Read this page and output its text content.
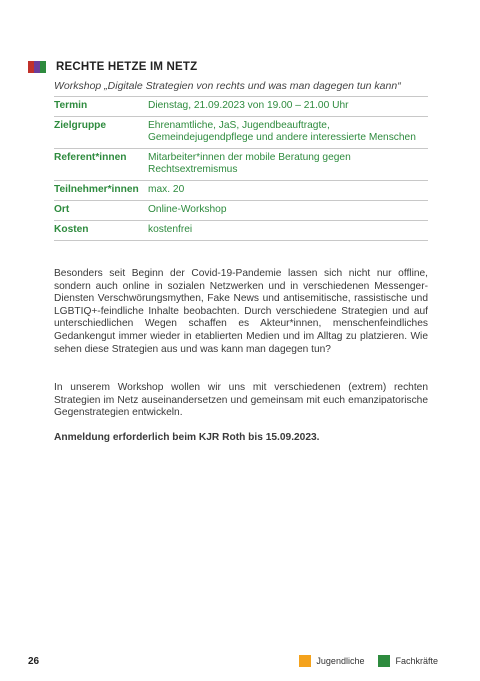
RECHTE HETZE IM NETZ
Workshop „Digitale Strategien von rechts und was man dagegen tun kann“
Termin	Dienstag, 21.09.2023 von 19.00 – 21.00 Uhr
Zielgruppe	Ehrenamtliche, JaS, Jugendbeauftragte, Gemeindejugendpflege und andere interessierte Menschen
Referent*innen	Mitarbeiter*innen der mobile Beratung gegen Rechtsextremismus
Teilnehmer*innen	max. 20
Ort	Online-Workshop
Kosten	kostenfrei
Besonders seit Beginn der Covid-19-Pandemie lassen sich nicht nur offline, sondern auch online in sozialen Netzwerken und in verschiedenen Messenger-Diensten Verschwörungsmythen, Fake News und antisemitische, rassistische und LGBTIQ+-feindliche Inhalte beobachten. Durch verschiedene Strategien und auf unterschiedlichen Wegen schaffen es Akteur*innen, menschenfeindliches Gedankengut immer wieder in etablierten Medien und im Alltag zu platzieren. Wie sehen diese Strategien aus und was kann man dagegen tun?
In unserem Workshop wollen wir uns mit verschiedenen (extrem) rechten Strategien im Netz auseinandersetzen und gemeinsam mit euch emanzipatorische Gegenstrategien entwickeln.
Anmeldung erforderlich beim KJR Roth bis 15.09.2023.
26	Jugendliche	Fachkräfte
